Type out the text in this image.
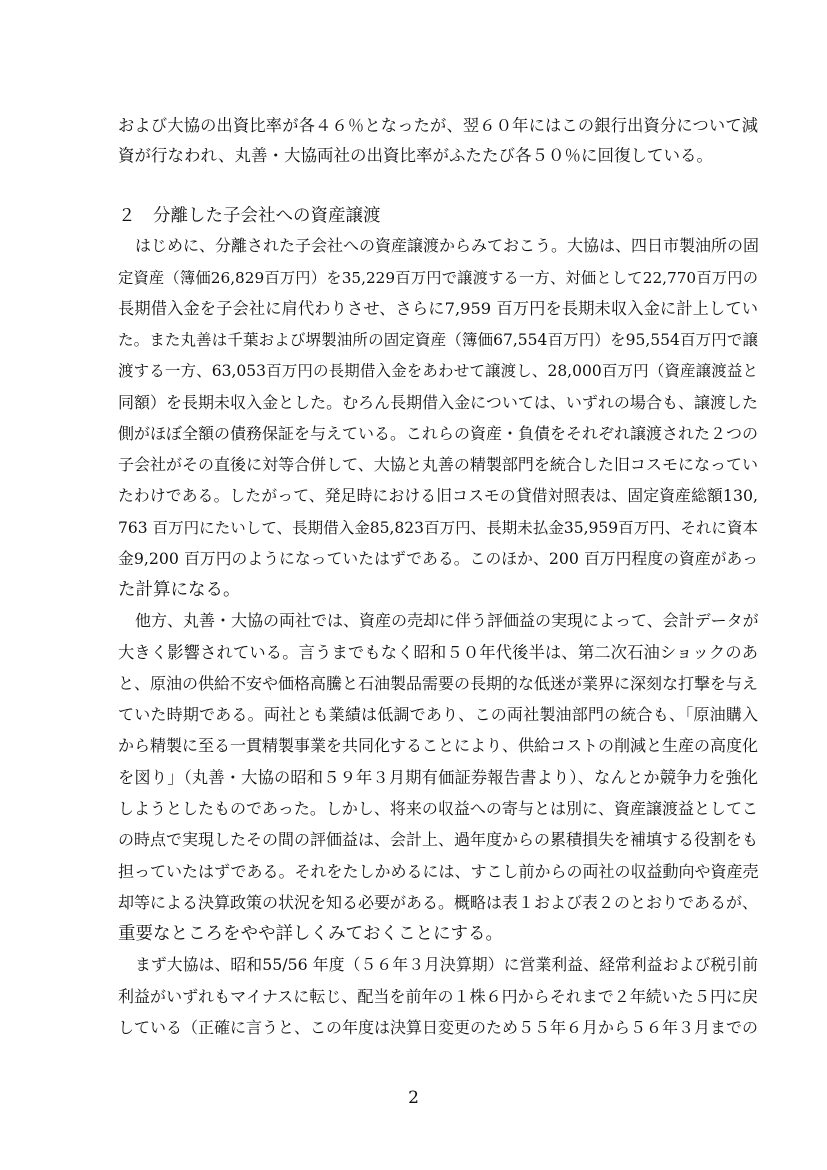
および大協の出資比率が各４６％となったが、翌６０年にはこの銀行出資分について減
資が行なわれ、丸善・大協両社の出資比率がふたたび各５０％に回復している。
２　分離した子会社への資産譲渡
はじめに、分離された子会社への資産譲渡からみておこう。大協は、四日市製油所の固
定資産（簿価26,829百万円）を35,229百万円で譲渡する一方、対価として22,770百万円の
長期借入金を子会社に肩代わりさせ、さらに7,959 百万円を長期未収入金に計上してい
た。また丸善は千葉および堺製油所の固定資産（簿価67,554百万円）を95,554百万円で譲
渡する一方、63,053百万円の長期借入金をあわせて譲渡し、28,000百万円（資産譲渡益と
同額）を長期未収入金とした。むろん長期借入金については、いずれの場合も、譲渡した
側がほぼ全額の債務保証を与えている。これらの資産・負債をそれぞれ譲渡された２つの
子会社がその直後に対等合併して、大協と丸善の精製部門を統合した旧コスモになってい
たわけである。したがって、発足時における旧コスモの貸借対照表は、固定資産総額130,
763 百万円にたいして、長期借入金85,823百万円、長期未払金35,959百万円、それに資本
金9,200 百万円のようになっていたはずである。このほか、200 百万円程度の資産があっ
た計算になる。
他方、丸善・大協の両社では、資産の売却に伴う評価益の実現によって、会計データが
大きく影響されている。言うまでもなく昭和５０年代後半は、第二次石油ショックのあ
と、原油の供給不安や価格高騰と石油製品需要の長期的な低迷が業界に深刻な打撃を与え
ていた時期である。両社とも業績は低調であり、この両社製油部門の統合も、「原油購入
から精製に至る一貫精製事業を共同化することにより、供給コストの削減と生産の高度化
を図り」（丸善・大協の昭和５９年３月期有価証券報告書より）、なんとか競争力を強化
しようとしたものであった。しかし、将来の収益への寄与とは別に、資産譲渡益としてこ
の時点で実現したその間の評価益は、会計上、過年度からの累積損失を補填する役割をも
担っていたはずである。それをたしかめるには、すこし前からの両社の収益動向や資産売
却等による決算政策の状況を知る必要がある。概略は表１および表２のとおりであるが、
重要なところをやや詳しくみておくことにする。
まず大協は、昭和55/56 年度（５６年３月決算期）に営業利益、経常利益および税引前
利益がいずれもマイナスに転じ、配当を前年の１株６円からそれまで２年続いた５円に戻
している（正確に言うと、この年度は決算日変更のため５５年６月から５６年３月までの
2
